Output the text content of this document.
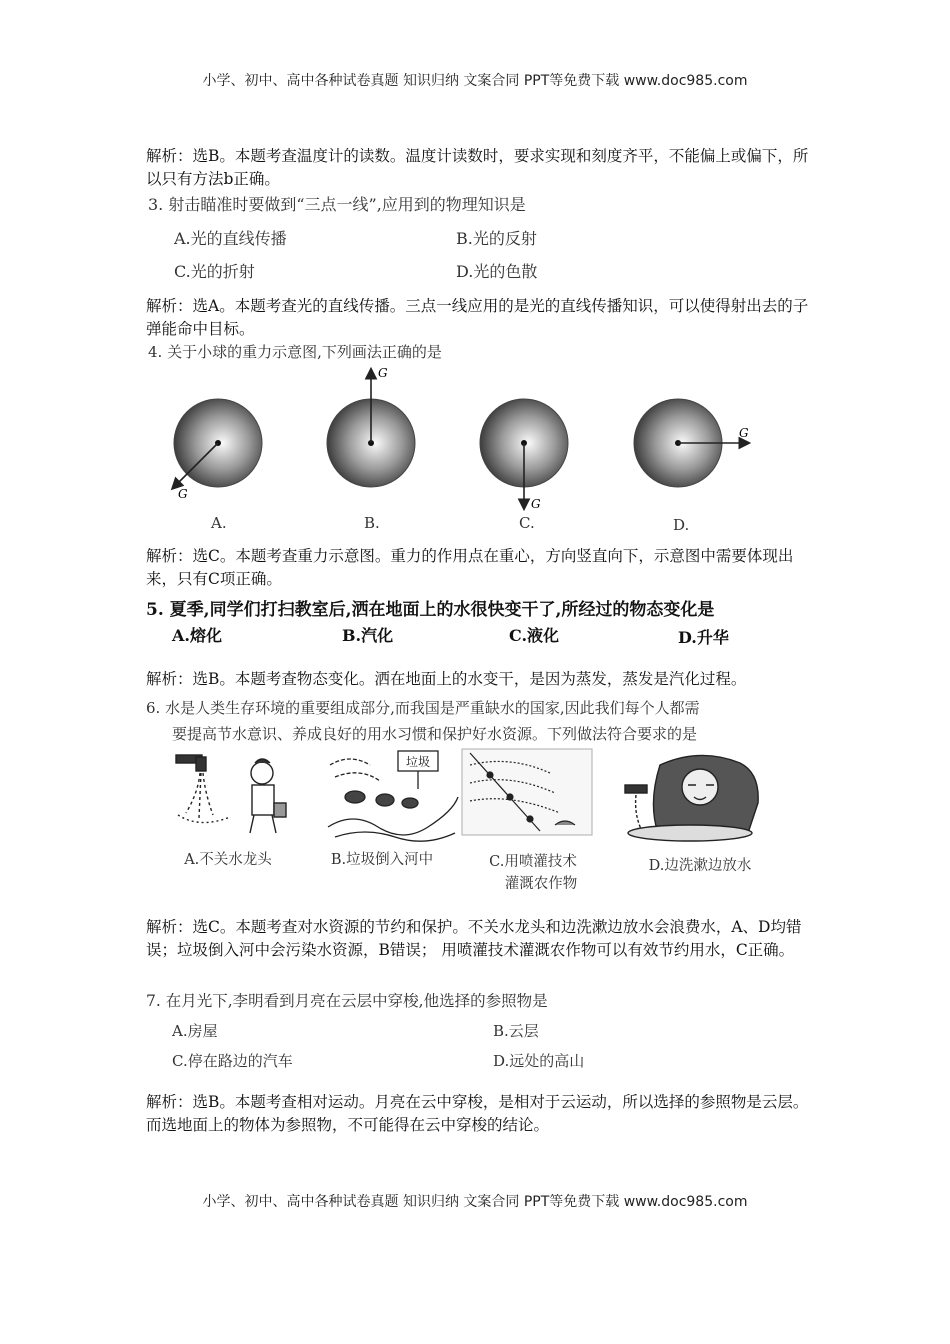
小学、初中、高中各种试卷真题 知识归纳 文案合同 PPT等免费下载 www.doc985.com
解析：选B。本题考查温度计的读数。温度计读数时，要求实现和刻度齐平，不能偏上或偏下，所以只有方法b正确。
3. 射击瞄准时要做到“三点一线”,应用到的物理知识是
A.光的直线传播	B.光的反射
C.光的折射	D.光的色散
解析：选A。本题考查光的直线传播。三点一线应用的是光的直线传播知识，可以使得射出去的子弹能命中目标。
4. 关于小球的重力示意图,下列画法正确的是
G
G
G
G
A.	B.	C.	D.
解析：选C。本题考查重力示意图。重力的作用点在重心，方向竖直向下，示意图中需要体现出来，只有C项正确。
5. 夏季,同学们打扫教室后,洒在地面上的水很快变干了,所经过的物态变化是
A.熔化	B.汽化	C.液化	D.升华
解析：选B。本题考查物态变化。洒在地面上的水变干，是因为蒸发，蒸发是汽化过程。
6. 水是人类生存环境的重要组成部分,而我国是严重缺水的国家,因此我们每个人都需
要提高节水意识、养成良好的用水习惯和保护好水资源。下列做法符合要求的是
垃圾
A.不关水龙头	B.垃圾倒入河中	C.用喷灌技术
灌溉农作物
D.边洗漱边放水
解析：选C。本题考查对水资源的节约和保护。不关水龙头和边洗漱边放水会浪费水，A、D均错误；垃圾倒入河中会污染水资源，B错误； 用喷灌技术灌溉农作物可以有效节约用水，C正确。
7. 在月光下,李明看到月亮在云层中穿梭,他选择的参照物是
A.房屋	B.云层
C.停在路边的汽车	D.远处的高山
解析：选B。本题考查相对运动。月亮在云中穿梭，是相对于云运动，所以选择的参照物是云层。而选地面上的物体为参照物，不可能得在云中穿梭的结论。
小学、初中、高中各种试卷真题 知识归纳 文案合同 PPT等免费下载 www.doc985.com
